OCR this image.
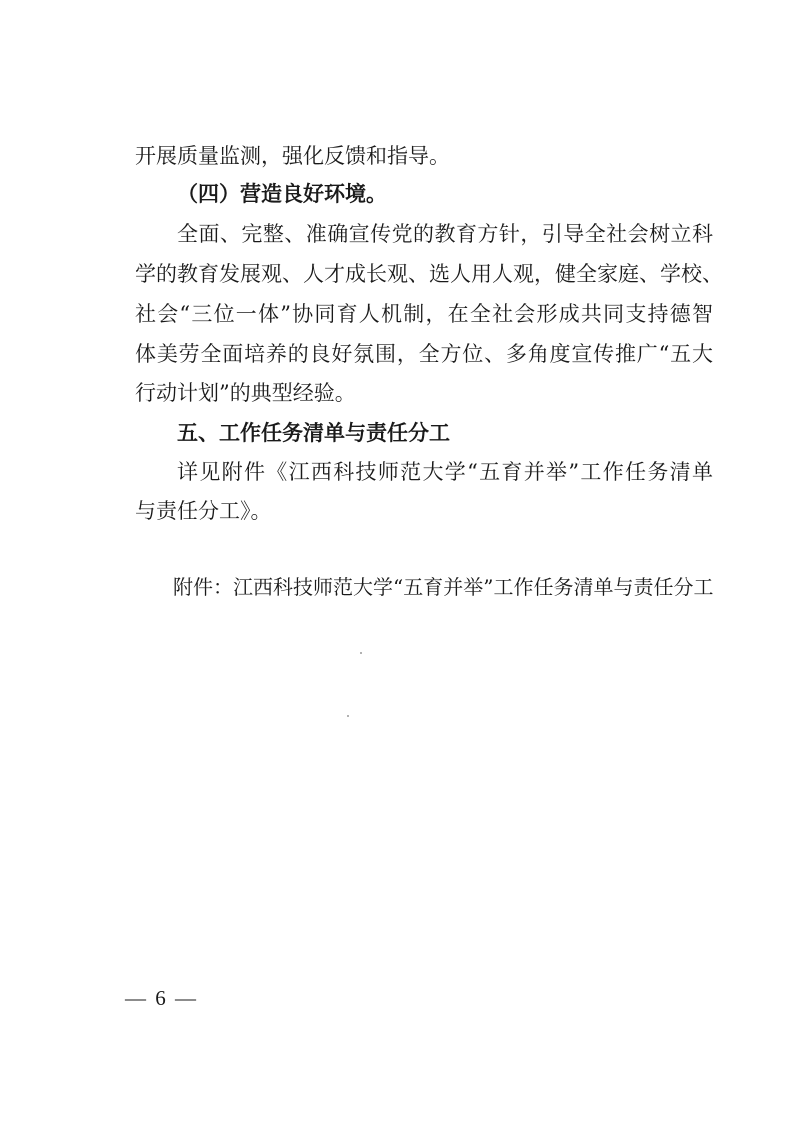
开展质量监测，强化反馈和指导。
（四）营造良好环境。
全面、完整、准确宣传党的教育方针，引导全社会树立科
学的教育发展观、人才成长观、选人用人观，健全家庭、学校、
社会“三位一体”协同育人机制，在全社会形成共同支持德智
体美劳全面培养的良好氛围，全方位、多角度宣传推广“五大
行动计划”的典型经验。
五、工作任务清单与责任分工
详见附件《江西科技师范大学“五育并举”工作任务清单
与责任分工》。
附件：江西科技师范大学“五育并举”工作任务清单与责任分工
— 6 —
